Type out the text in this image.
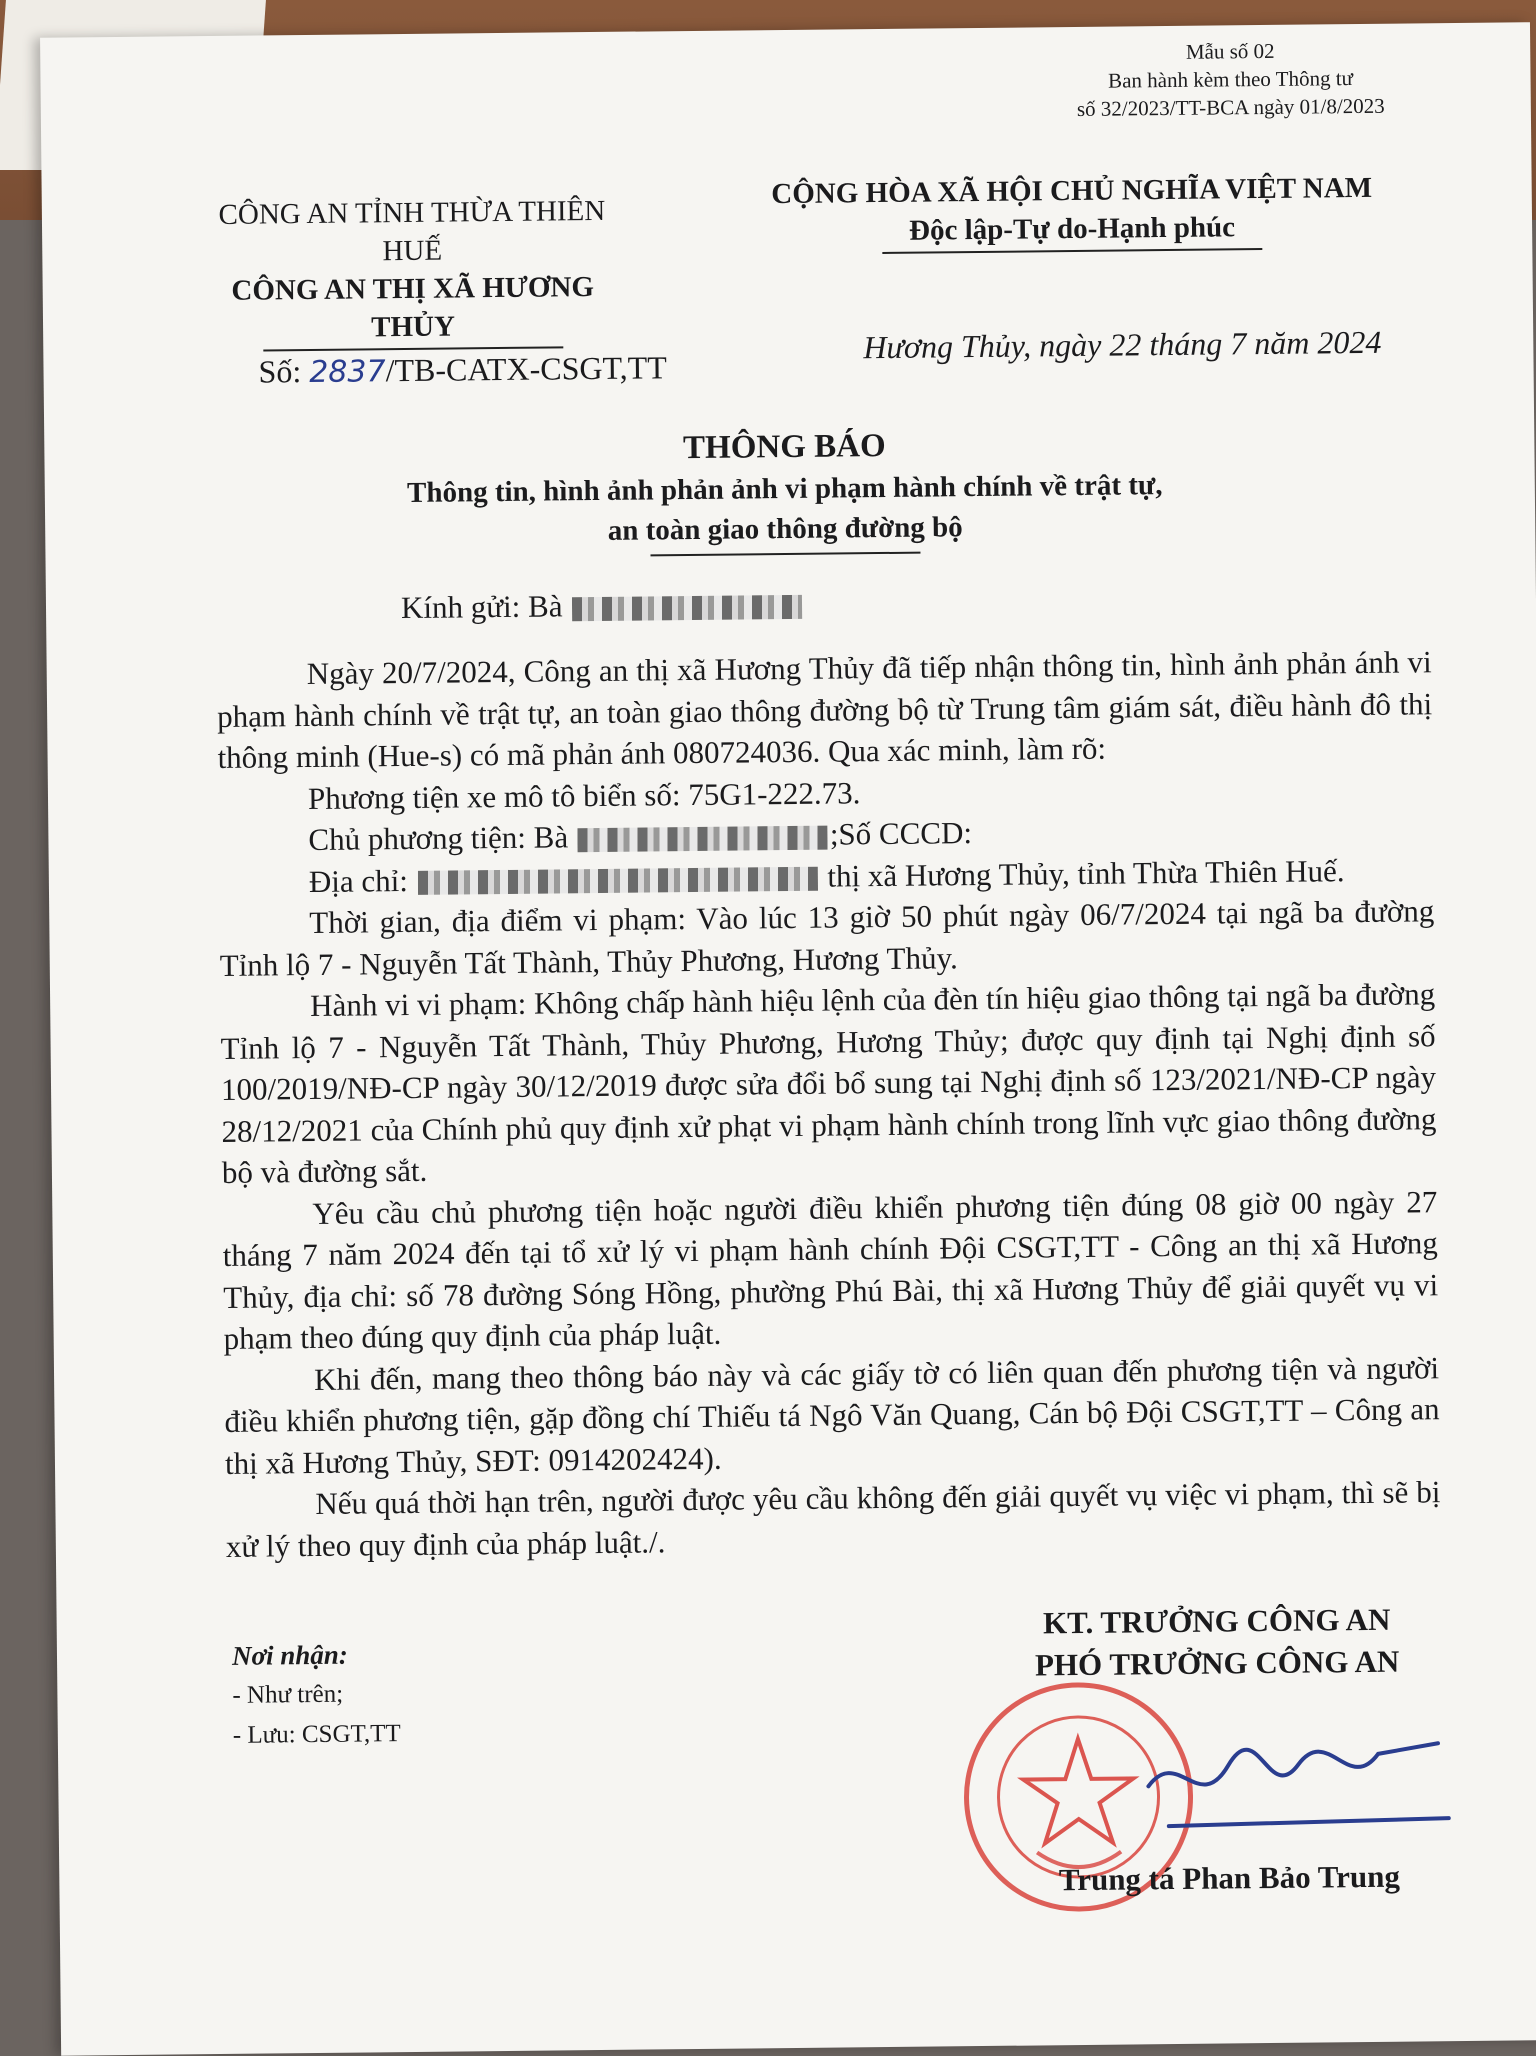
Mẫu số 02
Ban hành kèm theo Thông tư
số 32/2023/TT-BCA ngày 01/8/2023
CÔNG AN TỈNH THỪA THIÊN HUẾ
CÔNG AN THỊ XÃ HƯƠNG THỦY
CỘNG HÒA XÃ HỘI CHỦ NGHĨA VIỆT NAM
Độc lập-Tự do-Hạnh phúc
Số: 2837/TB-CATX-CSGT,TT
Hương Thủy, ngày 22 tháng 7 năm 2024
THÔNG BÁO
Thông tin, hình ảnh phản ảnh vi phạm hành chính về trật tự,
an toàn giao thông đường bộ
Kính gửi: Bà

Ngày 20/7/2024, Công an thị xã Hương Thủy đã tiếp nhận thông tin, hình ảnh phản ánh vi phạm hành chính về trật tự, an toàn giao thông đường bộ từ Trung tâm giám sát, điều hành đô thị thông minh (Hue-s) có mã phản ánh 080724036. Qua xác minh, làm rõ:

Phương tiện xe mô tô biển số: 75G1-222.73.

Chủ phương tiện: Bà	;Số CCCD:

Địa chỉ:	thị xã Hương Thủy, tỉnh Thừa Thiên Huế.

Thời gian, địa điểm vi phạm: Vào lúc 13 giờ 50 phút ngày 06/7/2024 tại ngã ba đường Tỉnh lộ 7 - Nguyễn Tất Thành, Thủy Phương, Hương Thủy.

Hành vi vi phạm: Không chấp hành hiệu lệnh của đèn tín hiệu giao thông tại ngã ba đường Tỉnh lộ 7 - Nguyễn Tất Thành, Thủy Phương, Hương Thủy; được quy định tại Nghị định số 100/2019/NĐ-CP ngày 30/12/2019 được sửa đổi bổ sung tại Nghị định số 123/2021/NĐ-CP ngày 28/12/2021 của Chính phủ quy định xử phạt vi phạm hành chính trong lĩnh vực giao thông đường bộ và đường sắt.

Yêu cầu chủ phương tiện hoặc người điều khiển phương tiện đúng 08 giờ 00 ngày 27 tháng 7 năm 2024 đến tại tổ xử lý vi phạm hành chính Đội CSGT,TT - Công an thị xã Hương Thủy, địa chỉ: số 78 đường Sóng Hồng, phường Phú Bài, thị xã Hương Thủy để giải quyết vụ vi phạm theo đúng quy định của pháp luật.

Khi đến, mang theo thông báo này và các giấy tờ có liên quan đến phương tiện và người điều khiển phương tiện, gặp đồng chí Thiếu tá Ngô Văn Quang, Cán bộ Đội CSGT,TT – Công an thị xã Hương Thủy, SĐT: 0914202424).

Nếu quá thời hạn trên, người được yêu cầu không đến giải quyết vụ việc vi phạm, thì sẽ bị xử lý theo quy định của pháp luật./.

Nơi nhận:
- Như trên;
- Lưu: CSGT,TT
KT. TRƯỞNG CÔNG AN
PHÓ TRƯỞNG CÔNG AN
Trung tá Phan Bảo Trung
